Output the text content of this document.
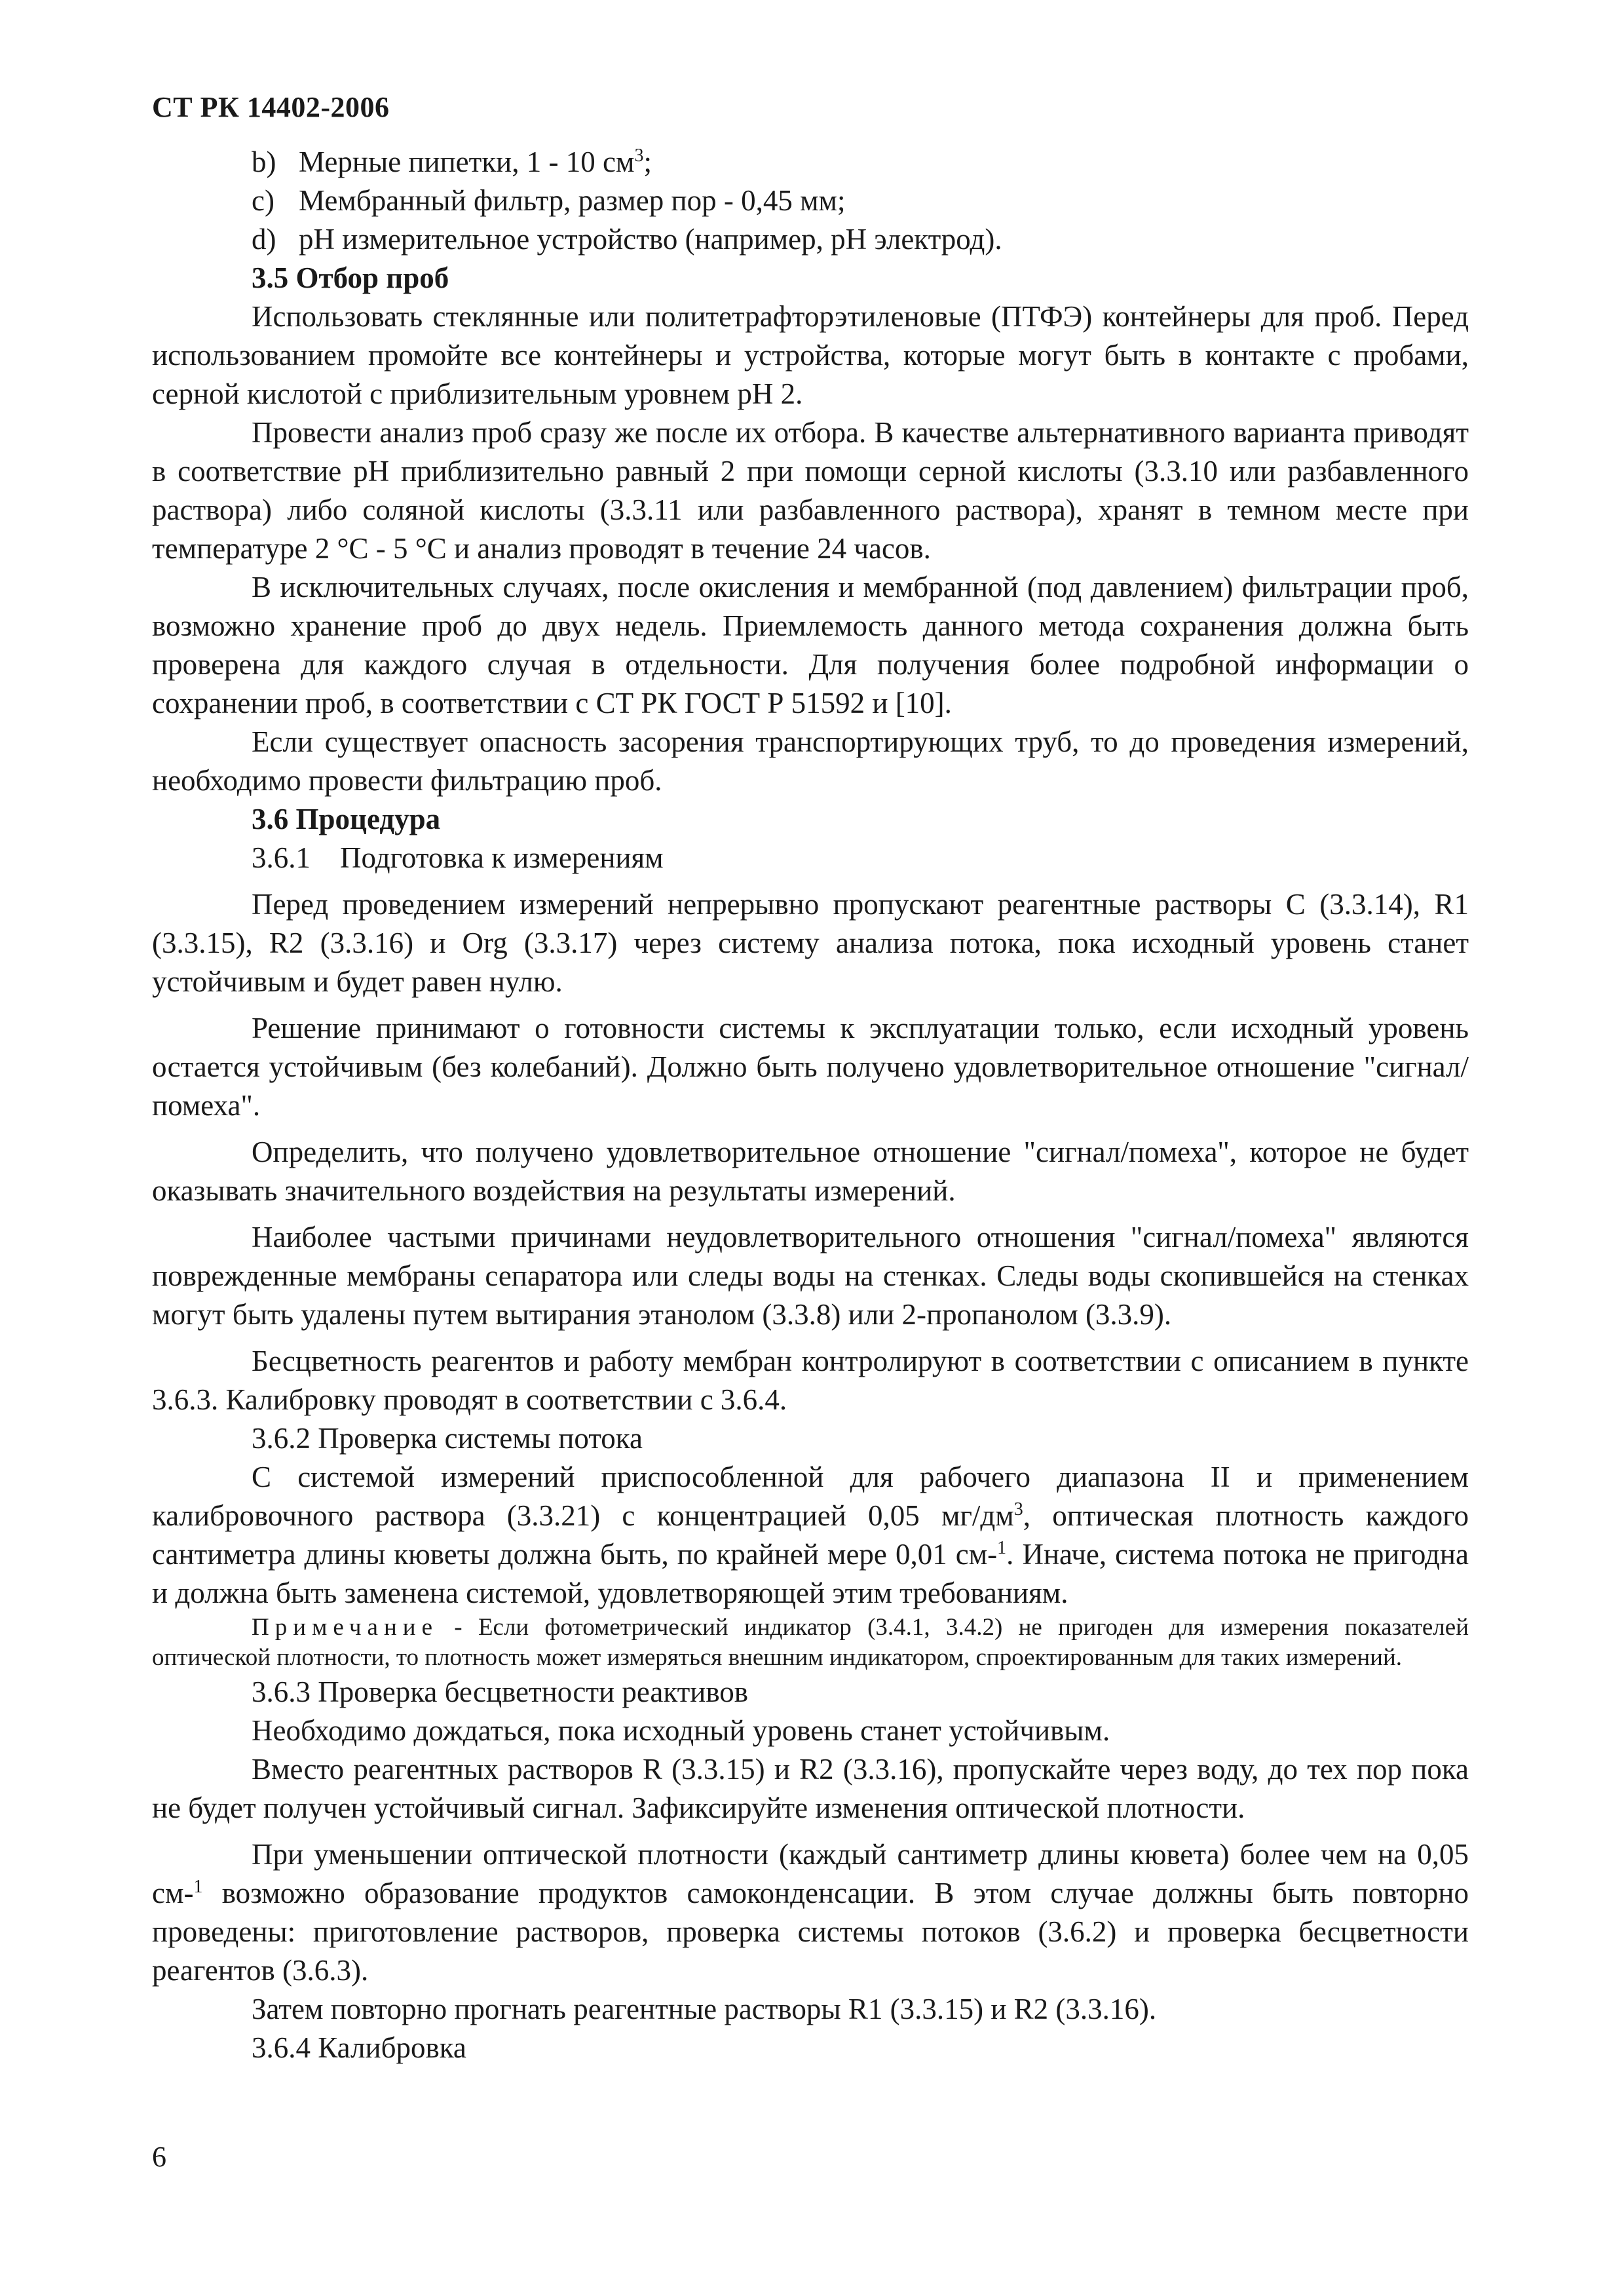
СТ РК 14402-2006
b) Мерные пипетки, 1 - 10 $см^3$;
c) Мембранный фильтр, размер пор - 0,45 мм;
d) pH измерительное устройство (например, pH электрод).
3.5 Отбор проб

Использовать стеклянные или политетрафторэтиленовые (ПТФЭ) контейнеры для проб. Перед использованием промойте все контейнеры и устройства, которые могут быть в контакте с пробами, серной кислотой с приблизительным уровнем pH 2.

Провести анализ проб сразу же после их отбора. В качестве альтернативного варианта приводят в соответствие pH приблизительно равный 2 при помощи серной кислоты (3.3.10 или разбавленного раствора) либо соляной кислоты (3.3.11 или разбавленного раствора), хранят в темном месте при температуре 2 °С - 5 °С и анализ проводят в течение 24 часов.

В исключительных случаях, после окисления и мембранной (под давлением) фильтрации проб, возможно хранение проб до двух недель. Приемлемость данного метода сохранения должна быть проверена для каждого случая в отдельности. Для получения более подробной информации о сохранении проб, в соответствии с СТ РК ГОСТ Р 51592 и [10].

Если существует опасность засорения транспортирующих труб, то до проведения измерений, необходимо провести фильтрацию проб.

3.6 Процедура
3.6.1    Подготовка к измерениям

Перед проведением измерений непрерывно пропускают реагентные растворы С (3.3.14), R1 (3.3.15), R2 (3.3.16) и Org (3.3.17) через систему анализа потока, пока исходный уровень станет устойчивым и будет равен нулю.

Решение принимают о готовности системы к эксплуатации только, если исходный уровень остается устойчивым (без колебаний). Должно быть получено удовлетворительное отношение "сигнал/помеха".

Определить, что получено удовлетворительное отношение "сигнал/помеха", которое не будет оказывать значительного воздействия на результаты измерений.

Наиболее частыми причинами неудовлетворительного отношения "сигнал/помеха" являются поврежденные мембраны сепаратора или следы воды на стенках. Следы воды скопившейся на стенках могут быть удалены путем вытирания этанолом (3.3.8) или 2-пропанолом (3.3.9).

Бесцветность реагентов и работу мембран контролируют в соответствии с описанием в пункте 3.6.3. Калибровку проводят в соответствии с 3.6.4.

3.6.2 Проверка системы потока

С системой измерений приспособленной для рабочего диапазона II и применением калибровочного раствора (3.3.21) с концентрацией 0,05 $мг/дм^3$, оптическая плотность каждого сантиметра длины кюветы должна быть, по крайней мере 0,01 см-$^1$. Иначе, система потока не пригодна и должна быть заменена системой, удовлетворяющей этим требованиям.

Примечание - Если фотометрический индикатор (3.4.1, 3.4.2) не пригоден для измерения показателей оптической плотности, то плотность может измеряться внешним индикатором, спроектированным для таких измерений.

3.6.3 Проверка бесцветности реактивов

Необходимо дождаться, пока исходный уровень станет устойчивым.

Вместо реагентных растворов R (3.3.15) и R2 (3.3.16), пропускайте через воду, до тех пор пока не будет получен устойчивый сигнал. Зафиксируйте изменения оптической плотности.

При уменьшении оптической плотности (каждый сантиметр длины кювета) более чем на 0,05 см-$^1$ возможно образование продуктов самоконденсации. В этом случае должны быть повторно проведены: приготовление растворов, проверка системы потоков (3.6.2) и проверка бесцветности реагентов (3.6.3).

Затем повторно прогнать реагентные растворы R1 (3.3.15) и R2 (3.3.16).

3.6.4 Калибровка
6
